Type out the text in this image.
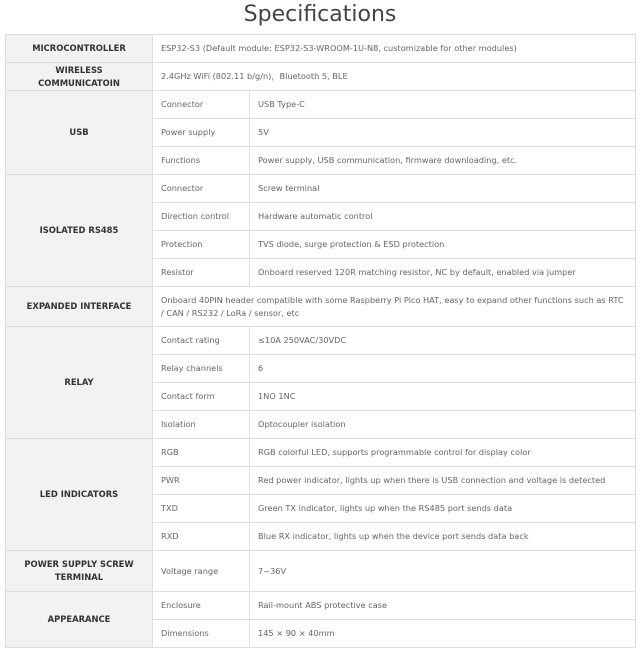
Specifications
MICROCONTROLLER	ESP32-S3 (Default module: ESP32-S3-WROOM-1U-N8, customizable for other modules)	
WIRELESS COMMUNICATOIN	2.4GHz WiFi (802.11 b/g/n)，Bluetooth 5, BLE	
USB	Connector	USB Type-C
	Power supply	5V
	Functions	Power supply, USB communication, firmware downloading, etc.
ISOLATED RS485	Connector	Screw terminal
	Direction control	Hardware automatic control
	Protection	TVS diode, surge protection & ESD protection
	Resistor	Onboard reserved 120R matching resistor, NC by default, enabled via jumper
EXPANDED INTERFACE	Onboard 40PIN header compatible with some Raspberry Pi Pico HAT, easy to expand other functions such as RTC / CAN / RS232 / LoRa / sensor, etc	
RELAY	Contact rating	≤10A 250VAC/30VDC
	Relay channels	6
	Contact form	1NO 1NC
	Isolation	Optocoupler isolation
LED INDICATORS	RGB	RGB colorful LED, supports programmable control for display color
	PWR	Red power indicator, lights up when there is USB connection and voltage is detected
	TXD	Green TX indicator, lights up when the RS485 port sends data
	RXD	Blue RX indicator, lights up when the device port sends data back
POWER SUPPLY SCREW TERMINAL	Voltage range	7~36V
APPEARANCE	Enclosure	Rail-mount ABS protective case
	Dimensions	145 × 90 × 40mm
